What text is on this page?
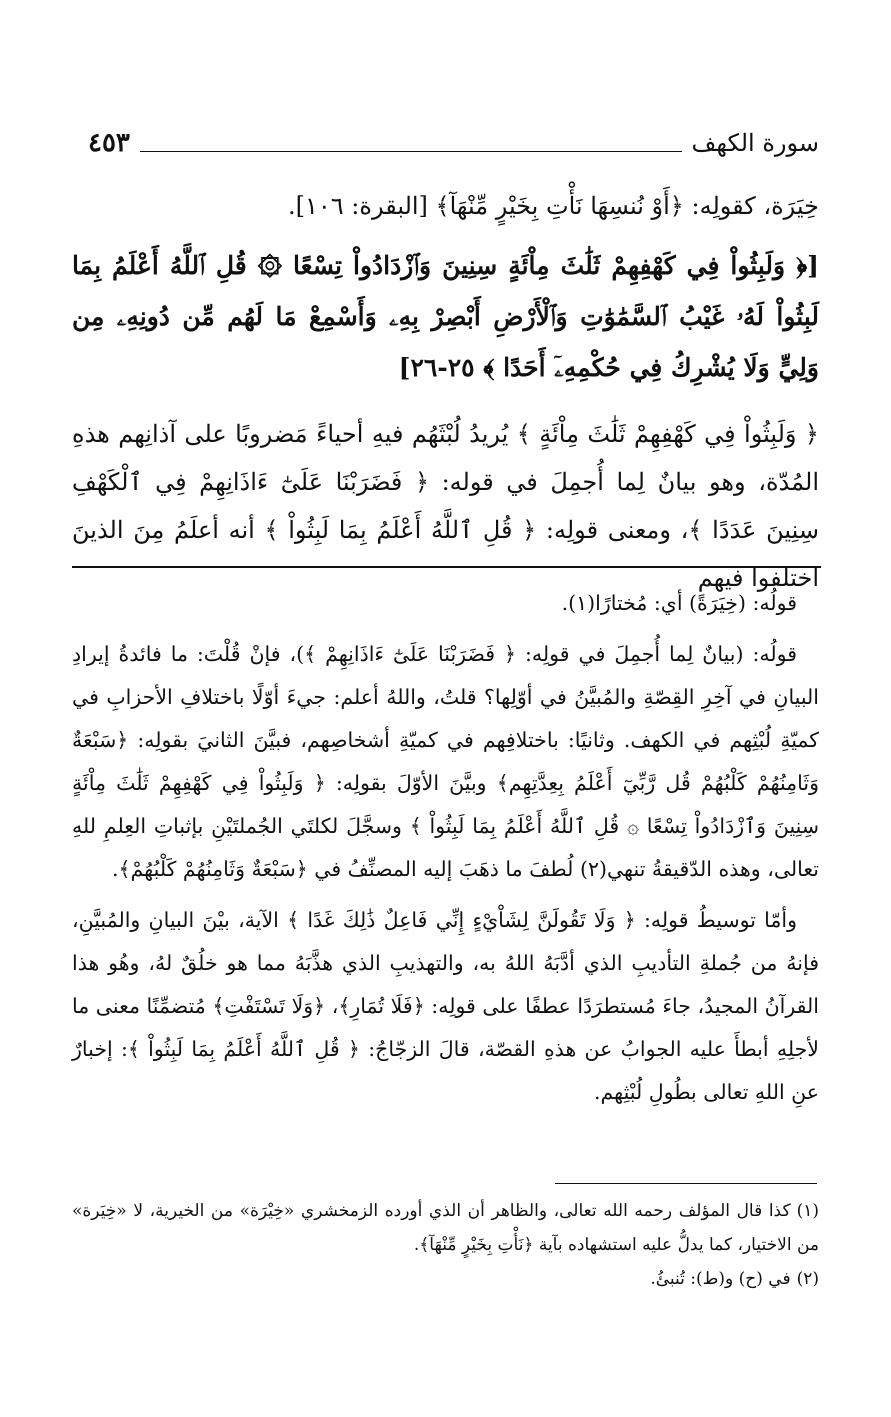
سورة الكهف
٤٥٣
خِيَرَة، كقولِه: ﴿أَوْ نُنسِهَا نَأْتِ بِخَيْرٍ مِّنْهَآ﴾ [البقرة: ١٠٦].
[﴿ وَلَبِثُواْ فِي كَهْفِهِمْ ثَلَٰثَ مِاْئَةٍ سِنِينَ وَٱزْدَادُواْ تِسْعًا ۞ قُلِ ٱللَّهُ أَعْلَمُ بِمَا لَبِثُواْ لَهُۥ غَيْبُ ٱلسَّمَٰوَٰتِ وَٱلْأَرْضِ أَبْصِرْ بِهِۦ وَأَسْمِعْ مَا لَهُم مِّن دُونِهِۦ مِن وَلِيٍّ وَلَا يُشْرِكُ فِي حُكْمِهِۦٓ أَحَدًا ﴾ ٢٥-٢٦]
﴿ وَلَبِثُواْ فِي كَهْفِهِمْ ثَلَٰثَ مِاْئَةٍ ﴾ يُريدُ لُبْثَهُم فيهِ أحياءً مَضروبًا على آذانِهم هذهِ المُدّة، وهو بيانٌ لِما أُجمِلَ في قوله: ﴿ فَضَرَبْنَا عَلَىٰٓ ءَاذَانِهِمْ فِي ٱلْكَهْفِ سِنِينَ عَدَدًا ﴾، ومعنى قولِه: ﴿ قُلِ ٱللَّهُ أَعْلَمُ بِمَا لَبِثُواْ ﴾ أنه أعلَمُ مِنَ الذينَ اختلفوا فيهم

قولُه: (خِيَرَةً) أي: مُختارًا(١).

قولُه: (بيانٌ لِما أُجمِلَ في قولِه: ﴿ فَضَرَبْنَا عَلَىٰٓ ءَاذَانِهِمْ ﴾)، فإنْ قُلْتَ: ما فائدةُ إيرادِ البيانِ في آخِرِ القِصّةِ والمُبيَّنُ في أوّلِها؟ قلتُ، واللهُ أعلم: جيءَ أوّلًا باختلافِ الأحزابِ في كميّةِ لُبْثِهم في الكهف. وثانيًا: باختلافِهم في كميّةِ أشخاصِهم، فبيَّنَ الثانيَ بقولِه: ﴿سَبْعَةٌ وَثَامِنُهُمْ كَلْبُهُمْ قُل رَّبِّيٓ أَعْلَمُ بِعِدَّتِهِم﴾ وبيَّنَ الأوّلَ بقولِه: ﴿ وَلَبِثُواْ فِي كَهْفِهِمْ ثَلَٰثَ مِاْئَةٍ سِنِينَ وَٱزْدَادُواْ تِسْعًا ۞ قُلِ ٱللَّهُ أَعْلَمُ بِمَا لَبِثُواْ ﴾ وسجَّلَ لكلتَي الجُملتَيْنِ بإثباتِ العِلمِ للهِ تعالى، وهذه الدّقيقةُ تنهي(٢) لُطفَ ما ذهَبَ إليه المصنِّفُ في ﴿سَبْعَةٌ وَثَامِنُهُمْ كَلْبُهُمْ﴾.

وأمّا توسيطُ قولِه: ﴿ وَلَا تَقُولَنَّ لِشَاْيْءٍ إِنِّي فَاعِلٌ ذَٰلِكَ غَدًا ﴾ الآية، بيْنَ البيانِ والمُبيَّنِ، فإنهُ من جُملةِ التأديبِ الذي أدَّبَهُ اللهُ به، والتهذيبِ الذي هذَّبَهُ مما هو خلُقٌ لهُ، وهُو هذا القرآنُ المجيدُ، جاءَ مُستطرَدًا عطفًا على قولِه: ﴿فَلَا تُمَارِ﴾، ﴿وَلَا تَسْتَفْتِ﴾ مُتضمِّنًا معنى ما لأجلِهِ أبطأَ عليه الجوابُ عن هذهِ القصّة، قالَ الزجّاجُ: ﴿ قُلِ ٱللَّهُ أَعْلَمُ بِمَا لَبِثُواْ ﴾: إخبارٌ عنِ اللهِ تعالى بطُولِ لُبْثِهم.

(١)كذا قال المؤلف رحمه الله تعالى، والظاهر أن الذي أورده الزمخشري «خِيْرَة» من الخيرية، لا «خِيَرة» من الاختيار، كما يدلُّ عليه استشهاده بآية ﴿نَأْتِ بِخَيْرٍ مِّنْهَآ﴾.

(٢)في (ح) و(ط): تُنبئُ.
